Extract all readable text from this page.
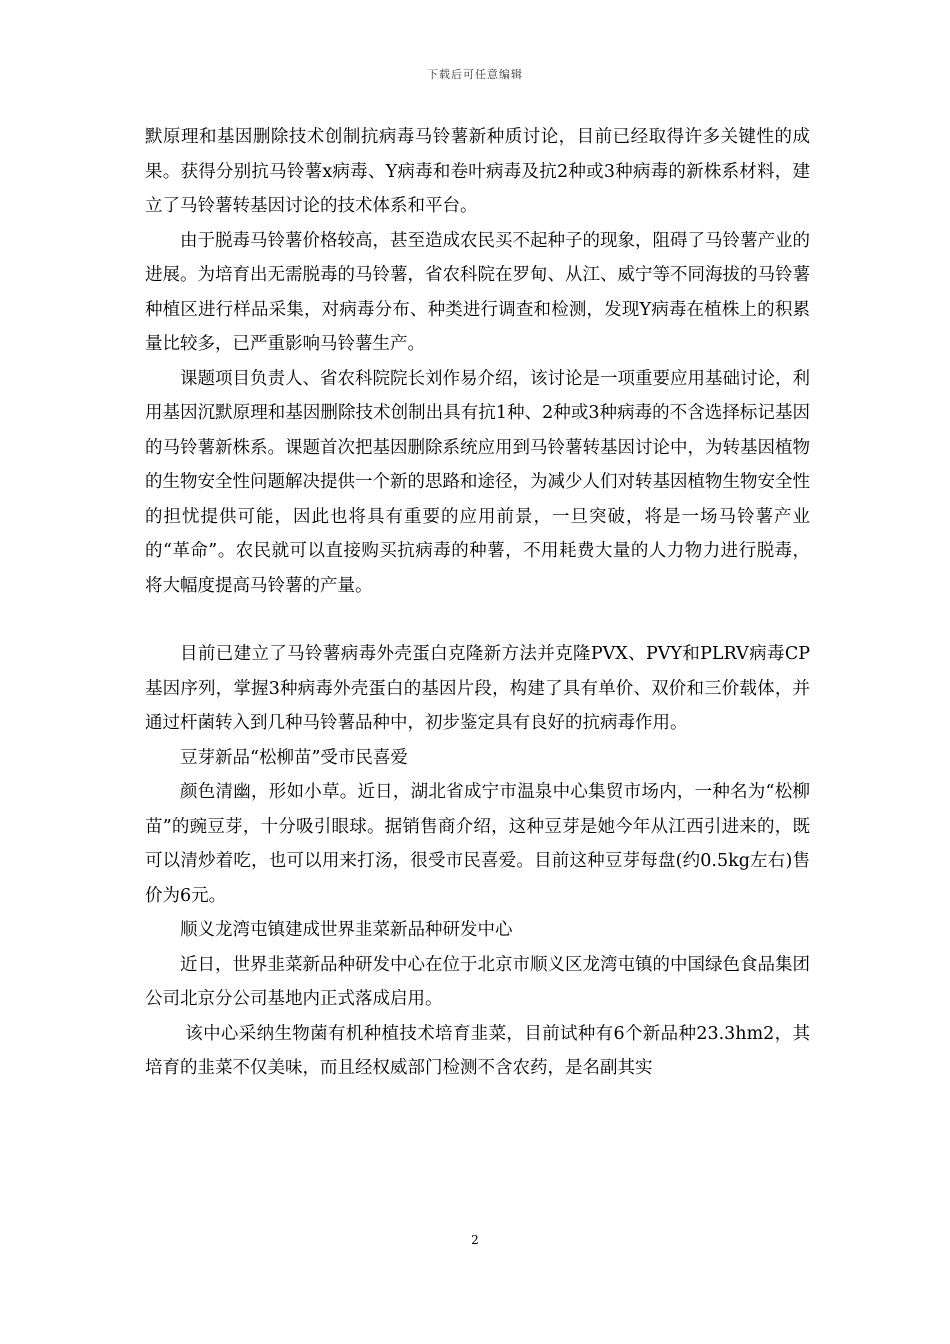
下载后可任意编辑

默原理和基因删除技术创制抗病毒马铃薯新种质讨论，目前已经取得许多关键性的成果。获得分别抗马铃薯x病毒、Y病毒和卷叶病毒及抗2种或3种病毒的新株系材料，建立了马铃薯转基因讨论的技术体系和平台。

由于脱毒马铃薯价格较高，甚至造成农民买不起种子的现象，阻碍了马铃薯产业的进展。为培育出无需脱毒的马铃薯，省农科院在罗甸、从江、威宁等不同海拔的马铃薯种植区进行样品采集，对病毒分布、种类进行调查和检测，发现Y病毒在植株上的积累量比较多，已严重影响马铃薯生产。

课题项目负责人、省农科院院长刘作易介绍，该讨论是一项重要应用基础讨论，利用基因沉默原理和基因删除技术创制出具有抗1种、2种或3种病毒的不含选择标记基因的马铃薯新株系。课题首次把基因删除系统应用到马铃薯转基因讨论中，为转基因植物的生物安全性问题解决提供一个新的思路和途径，为减少人们对转基因植物生物安全性的担忧提供可能，因此也将具有重要的应用前景，一旦突破，将是一场马铃薯产业的“革命”。农民就可以直接购买抗病毒的种薯，不用耗费大量的人力物力进行脱毒，将大幅度提高马铃薯的产量。

目前已建立了马铃薯病毒外壳蛋白克隆新方法并克隆PVX、PVY和PLRV病毒CP基因序列，掌握3种病毒外壳蛋白的基因片段，构建了具有单价、双价和三价载体，并通过杆菌转入到几种马铃薯品种中，初步鉴定具有良好的抗病毒作用。

豆芽新品“松柳苗”受市民喜爱

颜色清幽，形如小草。近日，湖北省成宁市温泉中心集贸市场内，一种名为“松柳苗”的豌豆芽，十分吸引眼球。据销售商介绍，这种豆芽是她今年从江西引进来的，既可以清炒着吃，也可以用来打汤，很受市民喜爱。目前这种豆芽每盘(约0.5kg左右)售价为6元。

顺义龙湾屯镇建成世界韭菜新品种研发中心

近日，世界韭菜新品种研发中心在位于北京市顺义区龙湾屯镇的中国绿色食品集团公司北京分公司基地内正式落成启用。

该中心采纳生物菌有机种植技术培育韭菜，目前试种有6个新品种23.3hm2，其培育的韭菜不仅美味，而且经权威部门检测不含农药，是名副其实

2
